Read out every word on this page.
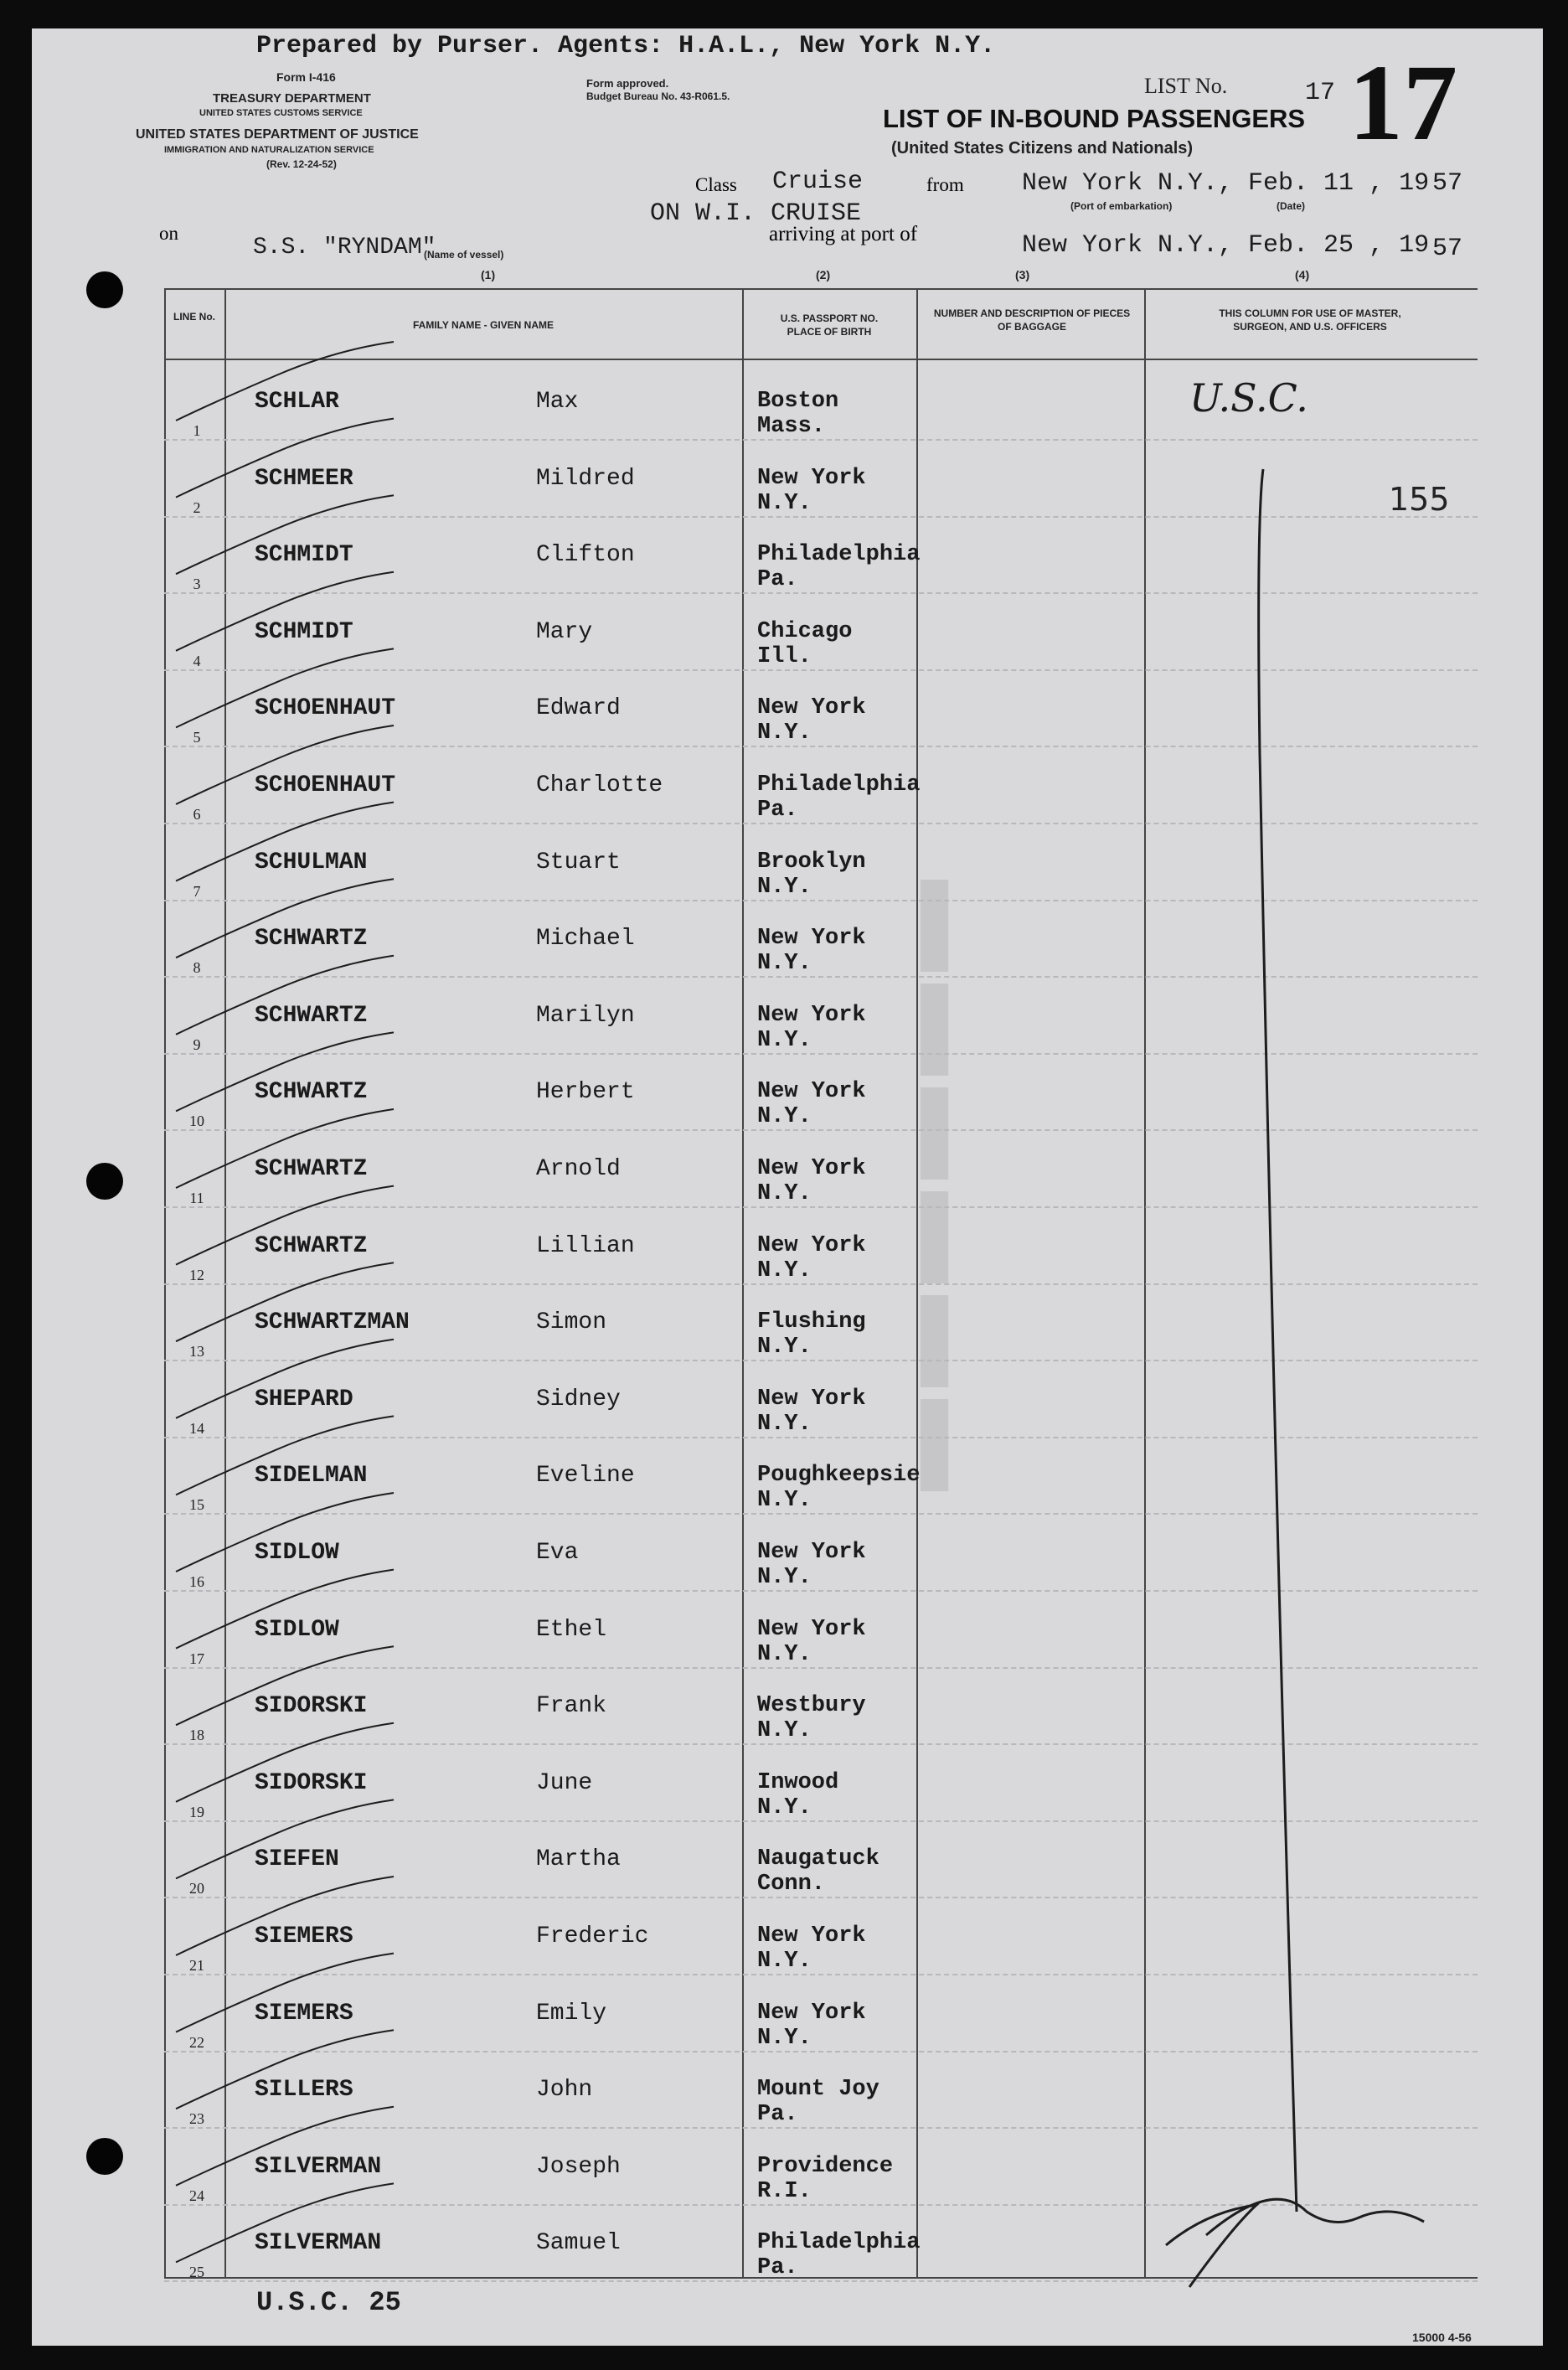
▬▬▬▬▬▬
Prepared by Purser. Agents: H.A.L., New York N.Y.
Form I-416
TREASURY DEPARTMENT
UNITED STATES CUSTOMS SERVICE
UNITED STATES DEPARTMENT OF JUSTICE
IMMIGRATION AND NATURALIZATION SERVICE
(Rev. 12-24-52)
Form approved.
Budget Bureau No. 43-R061.5.	LIST No.	17 17
LIST OF IN-BOUND PASSENGERS
(United States Citizens and Nationals)
Class Cruise	from New York N.Y., Feb. 11 , 19 57
(Port of embarkation)	(Date)
ON W.I. CRUISE
on
S.S. "RYNDAM"
(Name of vessel)
arriving at port of	New York N.Y., Feb. 25 , 19 57
(1)	(2)	(3)	(4)
LINE No.
FAMILY NAME - GIVEN NAME
U.S. PASSPORT NO. PLACE OF BIRTH
NUMBER AND DESCRIPTION OF PIECES OF BAGGAGE
THIS COLUMN FOR USE OF MASTER, SURGEON, AND U.S. OFFICERS
1
SCHLAR	Max	Boston
Mass.
2
SCHMEER	Mildred	New York
N.Y.
3
SCHMIDT	Clifton	Philadelphia
Pa.
4
SCHMIDT	Mary	Chicago
Ill.
5
SCHOENHAUT	Edward	New York
N.Y.
6
SCHOENHAUT	Charlotte	Philadelphia
Pa.
7
SCHULMAN	Stuart	Brooklyn
N.Y.
8
SCHWARTZ	Michael	New York
N.Y.
9
SCHWARTZ	Marilyn	New York
N.Y.
10
SCHWARTZ	Herbert	New York
N.Y.
11
SCHWARTZ	Arnold	New York
N.Y.
12
SCHWARTZ	Lillian	New York
N.Y.
13
SCHWARTZMAN	Simon	Flushing
N.Y.
14
SHEPARD	Sidney	New York
N.Y.
15
SIDELMAN	Eveline	Poughkeepsie
N.Y.
16
SIDLOW	Eva	New York
N.Y.
17
SIDLOW	Ethel	New York
N.Y.
18
SIDORSKI	Frank	Westbury
N.Y.
19
SIDORSKI	June	Inwood
N.Y.
20
SIEFEN	Martha	Naugatuck
Conn.
21
SIEMERS	Frederic	New York
N.Y.
22
SIEMERS	Emily	New York
N.Y.
23
SILLERS	John	Mount Joy
Pa.
24
SILVERMAN	Joseph	Providence
R.I.
25
SILVERMAN	Samuel	Philadelphia
Pa.
U.S.C.
155
U.S.C. 25
15000 4-56
